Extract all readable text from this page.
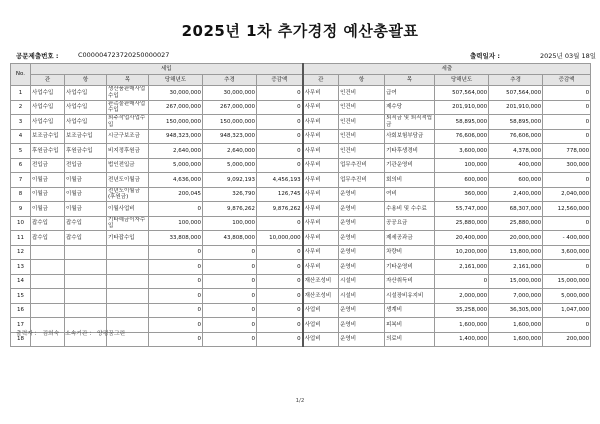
2025년 1차 추가경정 예산총괄표
공문제출번호 :	C000004723720250000027	출력일자 :	2025년 03월 18일
No.	세입						세출					
	관	항	목	당해년도	추경	증감액	관	항	목	당해년도	추경	증감액
1	사업수입	사업수입	생산품판매사업수입	30,000,000	30,000,000	0	사무비	인건비	급여	507,564,000	507,564,000	0
2	사업수입	사업수입	판촉물판매사업수입	267,000,000	267,000,000	0	사무비	인건비	제수당	201,910,000	201,910,000	0
3	사업수입	사업수입	외주작업사업수입	150,000,000	150,000,000	0	사무비	인건비	퇴직금 및 퇴직적립금	58,895,000	58,895,000	0
4	보조금수입	보조금수입	시군구보조금	948,323,000	948,323,000	0	사무비	인건비	사회보험부담금	76,606,000	76,606,000	0
5	후원금수입	후원금수입	비지정후원금	2,640,000	2,640,000	0	사무비	인건비	기타후생경비	3,600,000	4,378,000	778,000
6	전입금	전입금	법인전입금	5,000,000	5,000,000	0	사무비	업무추진비	기관운영비	100,000	400,000	300,000
7	이월금	이월금	전년도이월금	4,636,000	9,092,193	4,456,193	사무비	업무추진비	회의비	600,000	600,000	0
8	이월금	이월금	전년도이월금(후원금)	200,045	326,790	126,745	사무비	운영비	여비	360,000	2,400,000	2,040,000
9	이월금	이월금	이월사업비	0	9,876,262	9,876,262	사무비	운영비	수용비 및 수수료	55,747,000	68,307,000	12,560,000
10	잡수입	잡수입	기타예금이자수입	100,000	100,000	0	사무비	운영비	공공요금	25,880,000	25,880,000	0
11	잡수입	잡수입	기타잡수입	33,808,000	43,808,000	10,000,000	사무비	운영비	제세공과금	20,400,000	20,000,000	- 400,000
12				0	0	0	사무비	운영비	차량비	10,200,000	13,800,000	3,600,000
13				0	0	0	사무비	운영비	기타운영비	2,161,000	2,161,000	0
14				0	0	0	재산조성비	시설비	자산취득비	0	15,000,000	15,000,000
15				0	0	0	재산조성비	시설비	시설장비유지비	2,000,000	7,000,000	5,000,000
16				0	0	0	사업비	운영비	생계비	35,258,000	36,305,000	1,047,000
17				0	0	0	사업비	운영비	피복비	1,600,000	1,600,000	0
18				0	0	0	사업비	운영비	의료비	1,400,000	1,600,000	200,000
출력자 : 김희숙 소속기관 : 양평꿈그린
1/2
